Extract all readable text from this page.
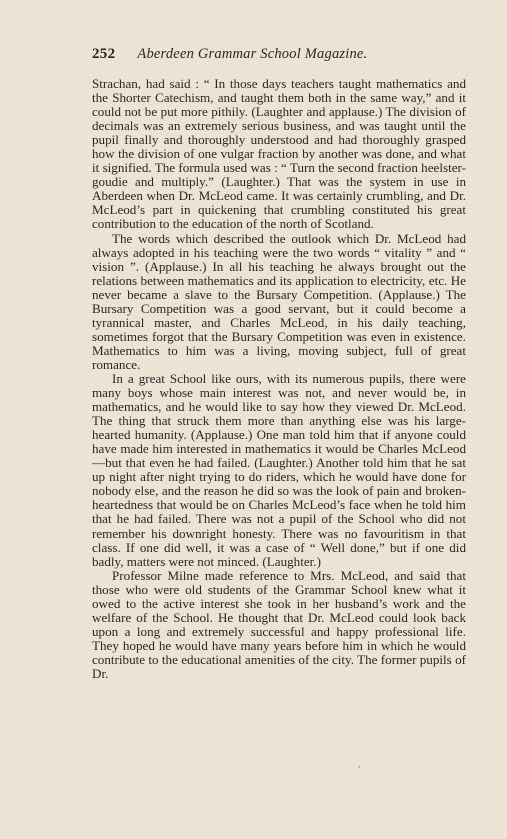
252 Aberdeen Grammar School Magazine.

Strachan, had said : “ In those days teachers taught mathematics and the Shorter Catechism, and taught them both in the same way,” and it could not be put more pithily. (Laughter and applause.) The division of decimals was an extremely serious business, and was taught until the pupil finally and thoroughly understood and had thoroughly grasped how the division of one vulgar fraction by another was done, and what it signified. The formula used was : “ Turn the second fraction heelster-goudie and multiply.” (Laughter.) That was the system in use in Aberdeen when Dr. McLeod came. It was certainly crumbling, and Dr. McLeod’s part in quickening that crumbling constituted his great contribution to the education of the north of Scotland.

The words which described the outlook which Dr. McLeod had always adopted in his teaching were the two words “ vitality ” and “ vision ”. (Applause.) In all his teaching he always brought out the relations between mathematics and its application to electricity, etc. He never became a slave to the Bursary Competition. (Applause.) The Bursary Competition was a good servant, but it could become a tyrannical master, and Charles McLeod, in his daily teaching, sometimes forgot that the Bursary Competition was even in existence. Mathematics to him was a living, moving subject, full of great romance.

In a great School like ours, with its numerous pupils, there were many boys whose main interest was not, and never would be, in mathematics, and he would like to say how they viewed Dr. McLeod. The thing that struck them more than anything else was his large-hearted humanity. (Applause.) One man told him that if anyone could have made him interested in mathematics it would be Charles McLeod—but that even he had failed. (Laughter.) Another told him that he sat up night after night trying to do riders, which he would have done for nobody else, and the reason he did so was the look of pain and broken-heartedness that would be on Charles McLeod’s face when he told him that he had failed. There was not a pupil of the School who did not remember his downright honesty. There was no favouritism in that class. If one did well, it was a case of “ Well done,” but if one did badly, matters were not minced. (Laughter.)

Professor Milne made reference to Mrs. McLeod, and said that those who were old students of the Grammar School knew what it owed to the active interest she took in her husband’s work and the welfare of the School. He thought that Dr. McLeod could look back upon a long and extremely successful and happy professional life. They hoped he would have many years before him in which he would contribute to the educational amenities of the city. The former pupils of Dr.
